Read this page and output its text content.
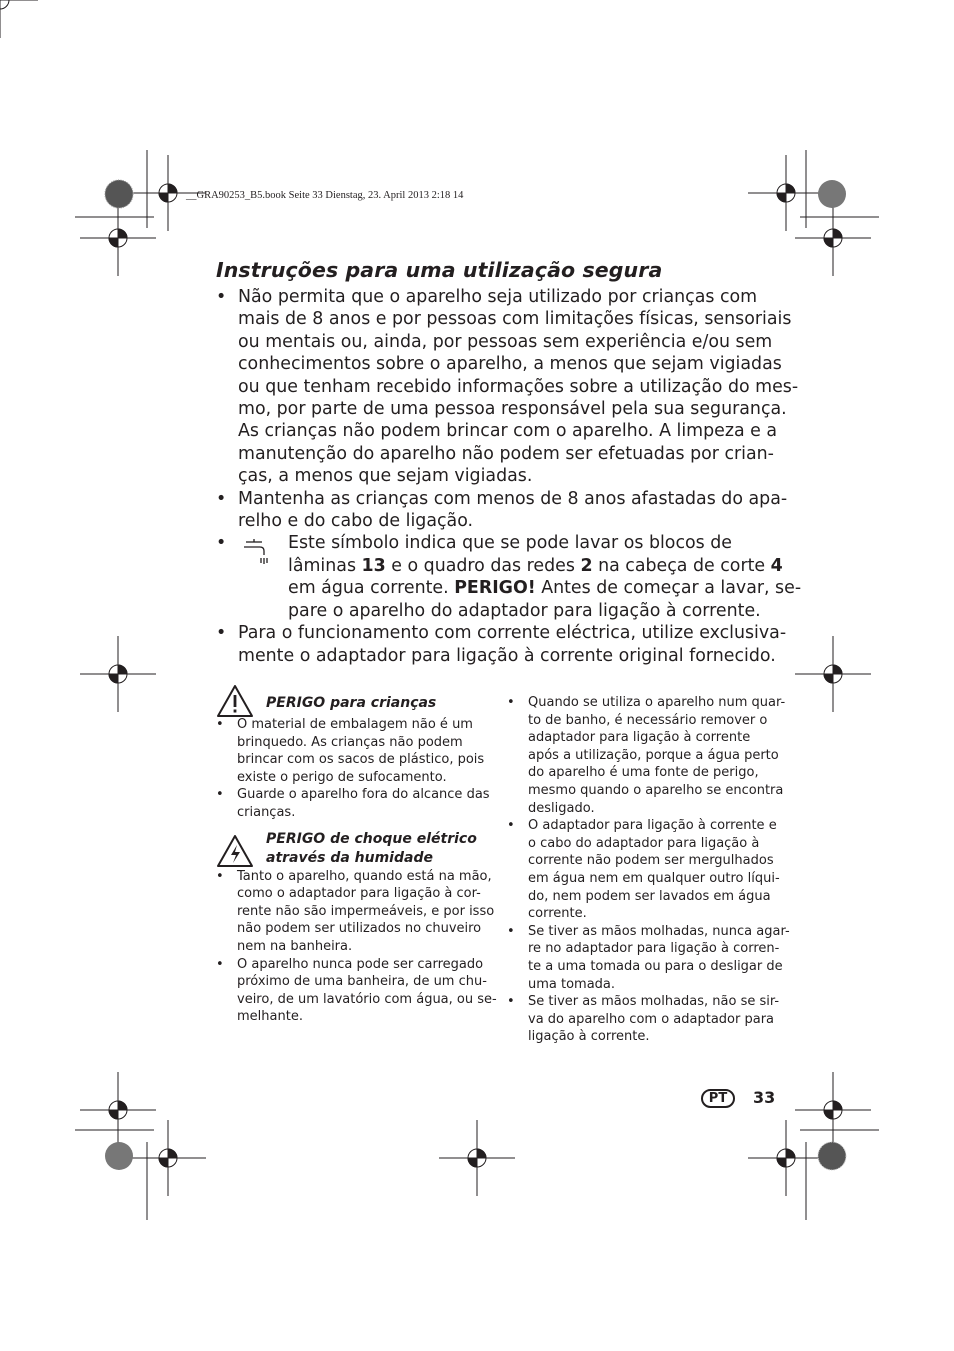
__GRA90253_B5.book Seite 33 Dienstag, 23. April 2013 2:18 14
Instruções para uma utilização segura
• Não permita que o aparelho seja utilizado por crianças com
mais de 8 anos e por pessoas com limitações físicas, sensoriais
ou mentais ou, ainda, por pessoas sem experiência e/ou sem
conhecimentos sobre o aparelho, a menos que sejam vigiadas
ou que tenham recebido informações sobre a utilização do mes-
mo, por parte de uma pessoa responsável pela sua segurança.
As crianças não podem brincar com o aparelho. A limpeza e a
manutenção do aparelho não podem ser efetuadas por crian-
ças, a menos que sejam vigiadas.
• Mantenha as crianças com menos de 8 anos afastadas do apa-
relho e do cabo de ligação.
•	Este símbolo indica que se pode lavar os blocos de
lâminas 13 e o quadro das redes 2 na cabeça de corte 4
em água corrente. PERIGO! Antes de começar a lavar, se-
pare o aparelho do adaptador para ligação à corrente.
• Para o funcionamento com corrente eléctrica, utilize exclusiva-
mente o adaptador para ligação à corrente original fornecido.
PERIGO para crianças
• O material de embalagem não é um
brinquedo. As crianças não podem
brincar com os sacos de plástico, pois
existe o perigo de sufocamento.
• Guarde o aparelho fora do alcance das
crianças.
PERIGO de choque elétrico
através da humidade
• Tanto o aparelho, quando está na mão,
como o adaptador para ligação à cor-
rente não são impermeáveis, e por isso
não podem ser utilizados no chuveiro
nem na banheira.
• O aparelho nunca pode ser carregado
próximo de uma banheira, de um chu-
veiro, de um lavatório com água, ou se-
melhante.
• Quando se utiliza o aparelho num quar-
to de banho, é necessário remover o
adaptador para ligação à corrente
após a utilização, porque a água perto
do aparelho é uma fonte de perigo,
mesmo quando o aparelho se encontra
desligado.
• O adaptador para ligação à corrente e
o cabo do adaptador para ligação à
corrente não podem ser mergulhados
em água nem em qualquer outro líqui-
do, nem podem ser lavados em água
corrente.
• Se tiver as mãos molhadas, nunca agar-
re no adaptador para ligação à corren-
te a uma tomada ou para o desligar de
uma tomada.
• Se tiver as mãos molhadas, não se sir-
va do aparelho com o adaptador para
ligação à corrente.
PT	33
